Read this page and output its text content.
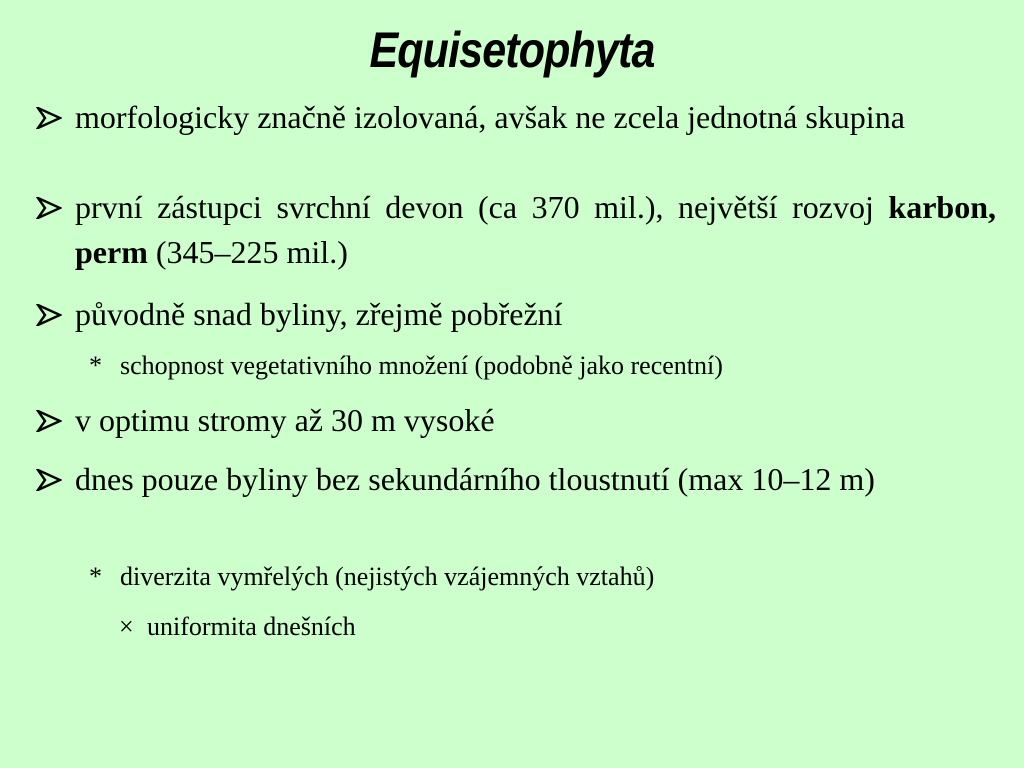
Equisetophyta
morfologicky značně izolovaná, avšak ne zcela jednotná skupina
první zástupci svrchní devon (ca 370 mil.), největší rozvoj karbon, perm (345–225 mil.)
původně snad byliny, zřejmě pobřežní
* schopnost vegetativního množení (podobně jako recentní)
v optimu stromy až 30 m vysoké
dnes pouze byliny bez sekundárního tloustnutí (max 10–12 m)
* diverzita vymřelých (nejistých vzájemných vztahů)
× uniformita dnešních
